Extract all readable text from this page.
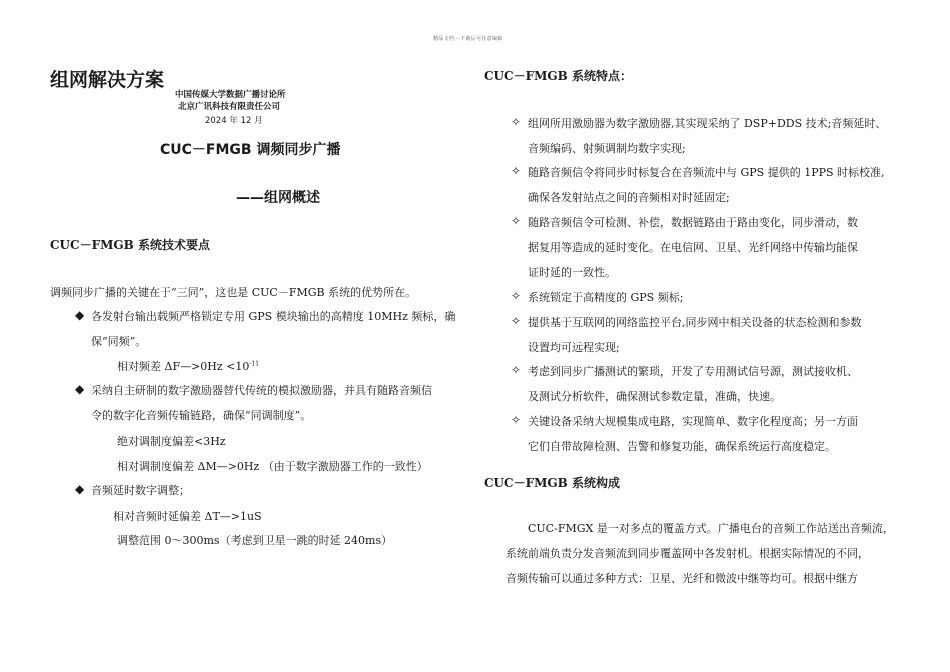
精品文档---下载后可任意编辑
组网解决方案
中国传媒大学数据广播讨论所
北京广讯科技有限责任公司
2024 年 12 月
CUC－FMGB 调频同步广播
——组网概述
CUC－FMGB 系统技术要点
调频同步广播的关键在于“三同”，这也是 CUC－FMGB 系统的优势所在。
◆ 各发射台输出载频严格锁定专用 GPS 模块输出的高精度 10MHz 频标，确
保“同频”。
相对频差 ΔF—>0Hz $<10^{-11}$
◆ 采纳自主研制的数字激励器替代传统的模拟激励器，并具有随路音频信
令的数字化音频传输链路，确保“同调制度”。
绝对调制度偏差<3Hz
相对调制度偏差 ΔM—>0Hz （由于数字激励器工作的一致性）
◆ 音频延时数字调整；
相对音频时延偏差 ΔT—>1uS
调整范围 0～300ms（考虑到卫星一跳的时延 240ms）
CUC－FMGB 系统特点：
✧ 组网所用激励器为数字激励器,其实现采纳了 DSP+DDS 技术;音频延时、
音频编码、射频调制均数字实现;
✧ 随路音频信令将同步时标复合在音频流中与 GPS 提供的 1PPS 时标校准,
确保各发射站点之间的音频相对时延固定;
✧ 随路音频信令可检测、补偿，数据链路由于路由变化，同步滑动，数
据复用等造成的延时变化。在电信网、卫星、光纤网络中传输均能保
证时延的一致性。
✧ 系统锁定于高精度的 GPS 频标;
✧ 提供基于互联网的网络监控平台,同步网中相关设备的状态检测和参数
设置均可远程实现;
✧ 考虑到同步广播测试的繁琐，开发了专用测试信号源，测试接收机、
及测试分析软件，确保测试参数定量，准确，快速。
✧ 关键设备采纳大规模集成电路，实现简单、数字化程度高；另一方面
它们自带故障检测、告警和修复功能，确保系统运行高度稳定。
CUC－FMGB 系统构成
CUC-FMGX 是一对多点的覆盖方式。广播电台的音频工作站送出音频流，
系统前端负责分发音频流到同步覆盖网中各发射机。根据实际情况的不同，
音频传输可以通过多种方式：卫星、光纤和微波中继等均可。根据中继方
